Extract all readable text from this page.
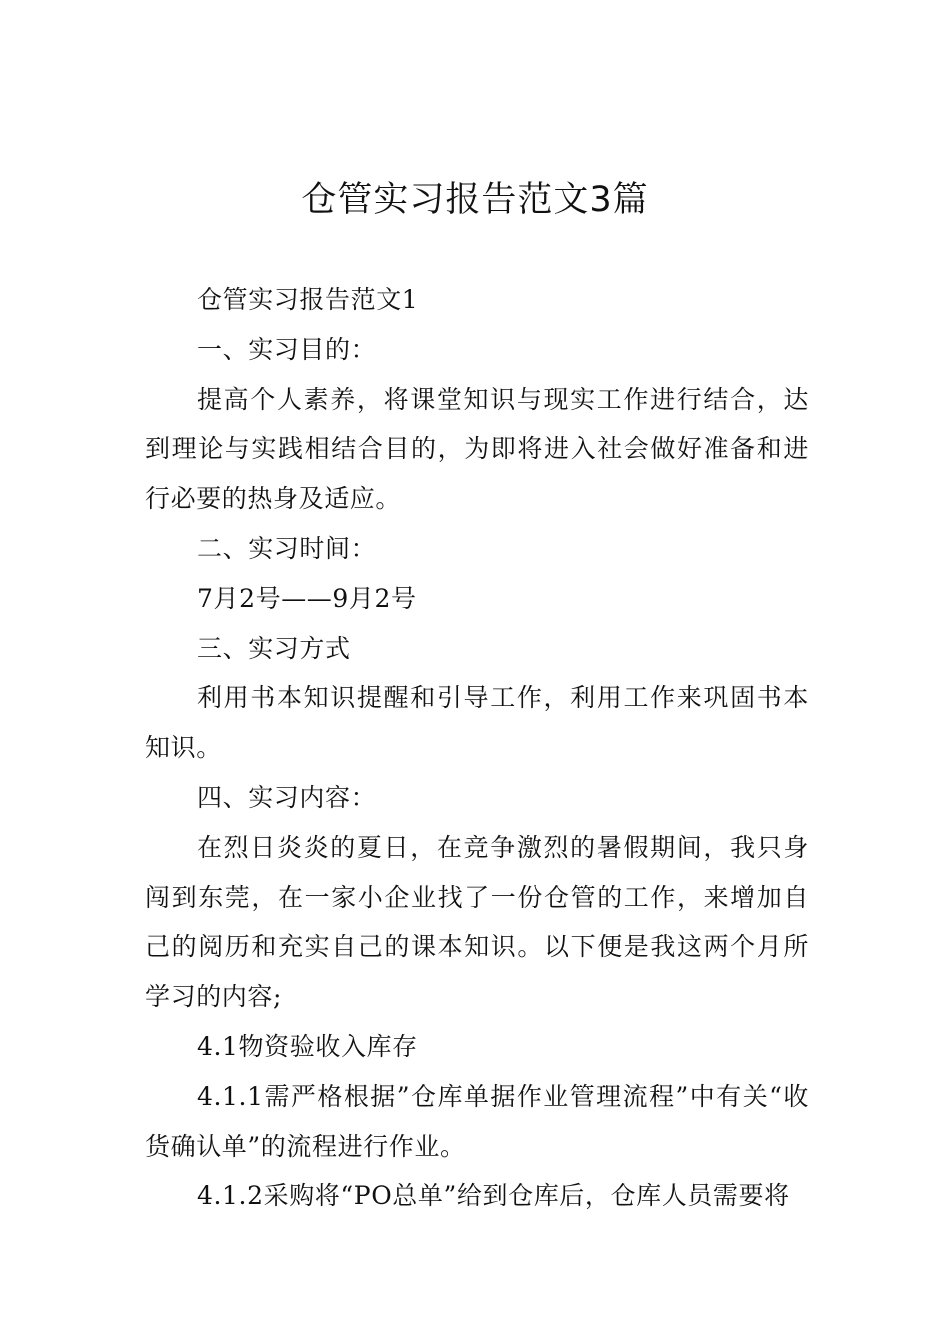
仓管实习报告范文3篇

仓管实习报告范文1

一、实习目的：

提高个人素养，将课堂知识与现实工作进行结合，达到理论与实践相结合目的，为即将进入社会做好准备和进行必要的热身及适应。

二、实习时间：

7月2号——9月2号

三、实习方式

利用书本知识提醒和引导工作，利用工作来巩固书本知识。

四、实习内容：

在烈日炎炎的夏日，在竞争激烈的暑假期间，我只身闯到东莞，在一家小企业找了一份仓管的工作，来增加自己的阅历和充实自己的课本知识。以下便是我这两个月所学习的内容;

4.1物资验收入库存

4.1.1需严格根据”仓库单据作业管理流程”中有关“收货确认单”的流程进行作业。

4.1.2采购将“PO总单”给到仓库后，仓库人员需要将
